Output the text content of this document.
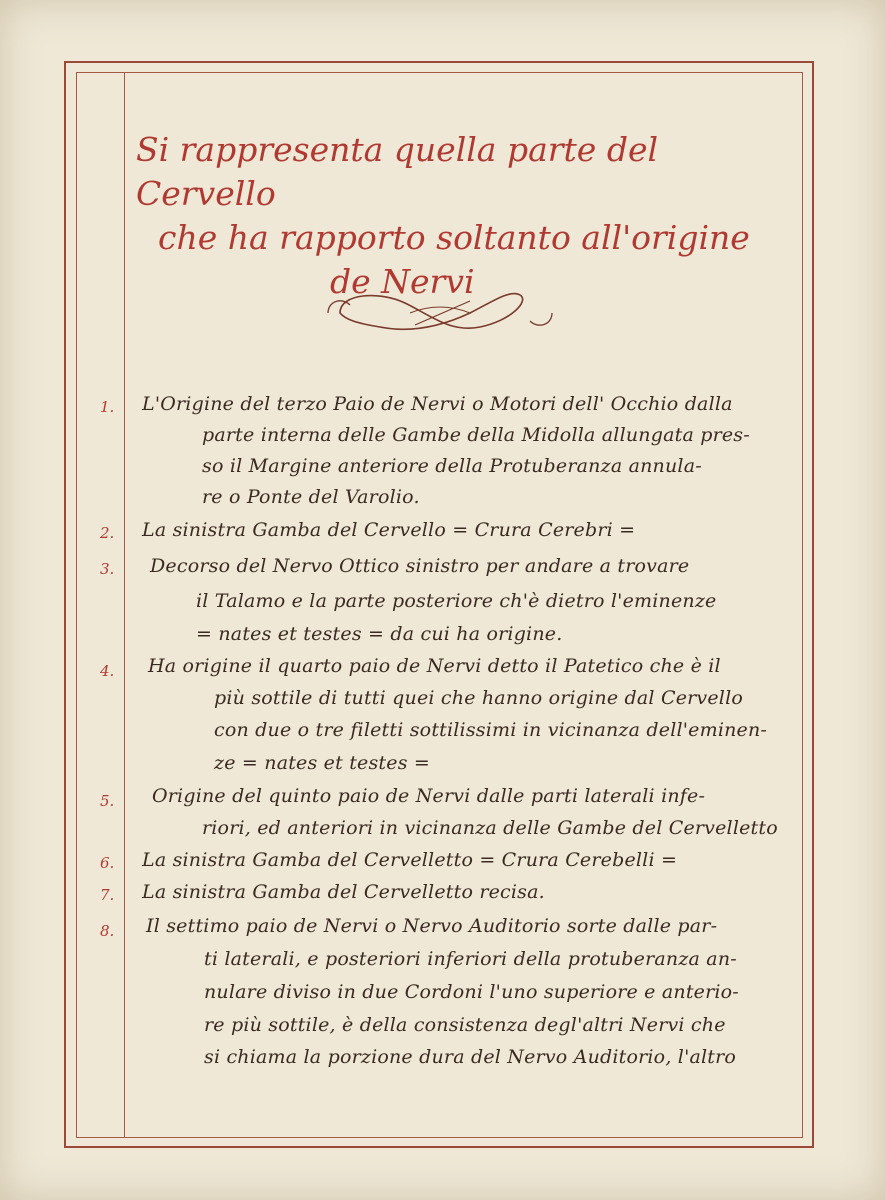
Si rappresenta quella parte del Cervello
che ha rapporto soltanto all'origine
de Nervi
1. L'Origine del terzo Paio de Nervi o Motori dell' Occhio dalla
parte interna delle Gambe della Midolla allungata pres-
so il Margine anteriore della Protuberanza annula-
re o Ponte del Varolio.
2. La sinistra Gamba del Cervello = Crura Cerebri =
3. Decorso del Nervo Ottico sinistro per andare a trovare
il Talamo e la parte posteriore ch'è dietro l'eminenze
= nates et testes = da cui ha origine.
4. Ha origine il quarto paio de Nervi detto il Patetico che è il
più sottile di tutti quei che hanno origine dal Cervello
con due o tre filetti sottilissimi in vicinanza dell'eminen-
ze = nates et testes =
5. Origine del quinto paio de Nervi dalle parti laterali infe-
riori, ed anteriori in vicinanza delle Gambe del Cervelletto
6. La sinistra Gamba del Cervelletto = Crura Cerebelli =
7. La sinistra Gamba del Cervelletto recisa.
8. Il settimo paio de Nervi o Nervo Auditorio sorte dalle par-
ti laterali, e posteriori inferiori della protuberanza an-
nulare diviso in due Cordoni l'uno superiore e anterio-
re più sottile, è della consistenza degl'altri Nervi che
si chiama la porzione dura del Nervo Auditorio, l'altro
